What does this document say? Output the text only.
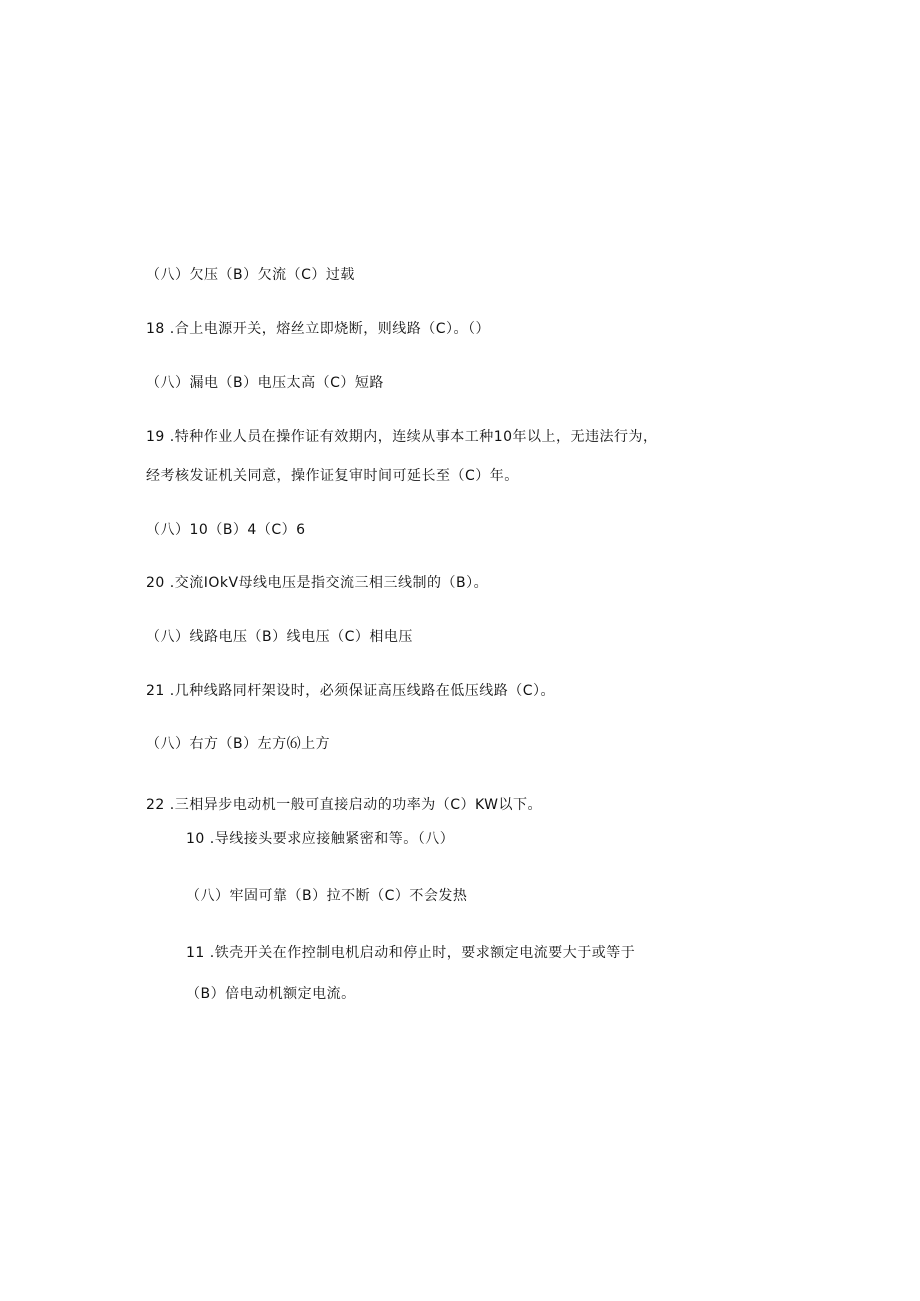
（八）欠压（B）欠流（C）过载
18 .合上电源开关，熔丝立即烧断，则线路（C）。（）
（八）漏电（B）电压太高（C）短路
19 .特种作业人员在操作证有效期内，连续从事本工种10年以上，无违法行为，
经考核发证机关同意，操作证复审时间可延长至（C）年。
（八）10（B）4（C）6
20 .交流IOkV母线电压是指交流三相三线制的（B）。
（八）线路电压（B）线电压（C）相电压
21 .几种线路同杆架设时，必须保证高压线路在低压线路（C）。
（八）右方（B）左方⑹上方
22 .三相异步电动机一般可直接启动的功率为（C）KW以下。
10 .导线接头要求应接触紧密和等。（八）
（八）牢固可靠（B）拉不断（C）不会发热
11 .铁壳开关在作控制电机启动和停止时，要求额定电流要大于或等于
（B）倍电动机额定电流。
